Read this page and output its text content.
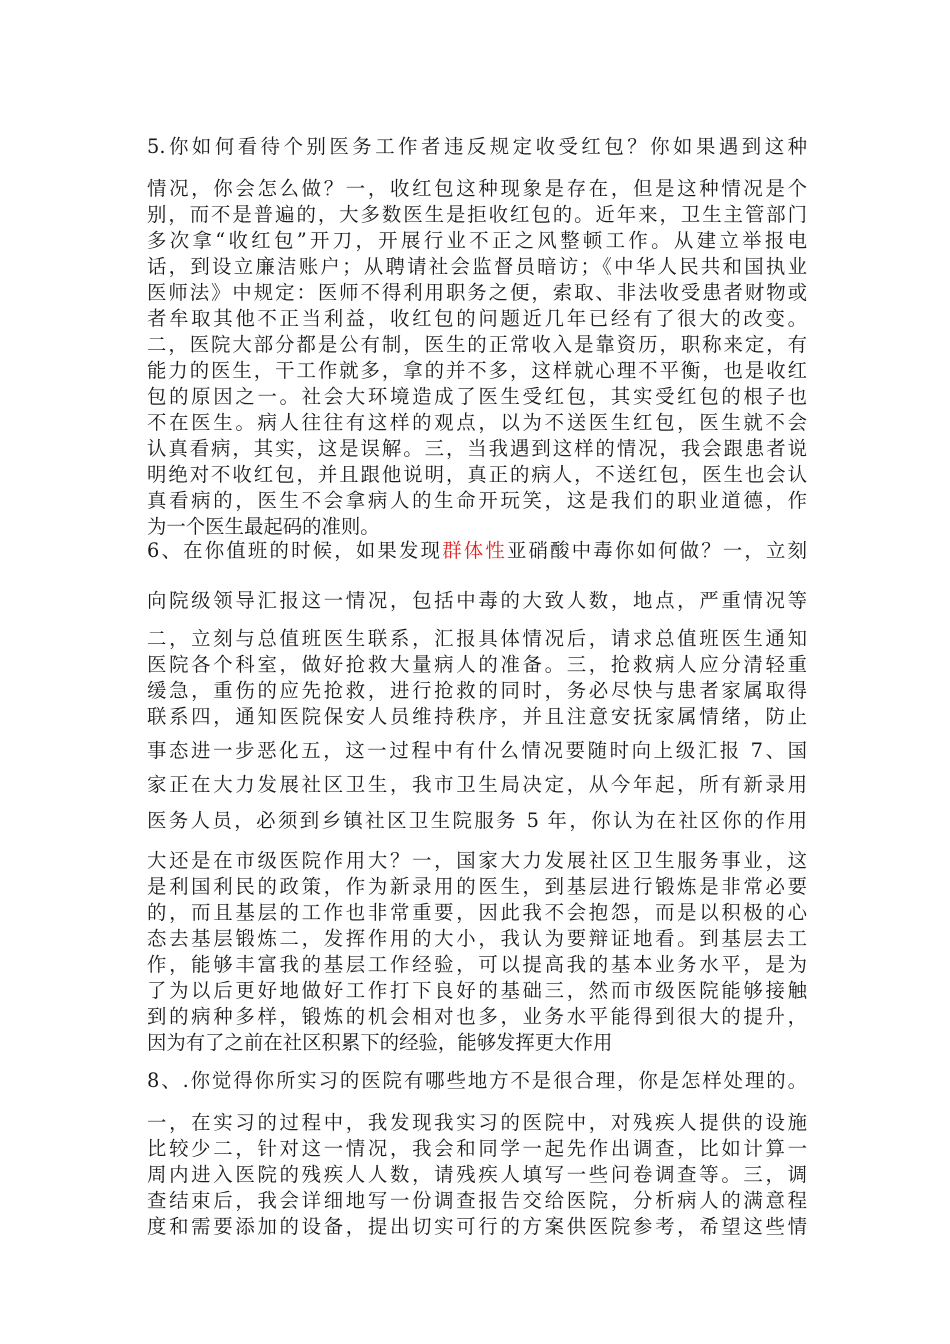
5.你如何看待个别医务工作者违反规定收受红包？你如果遇到这种
情况，你会怎么做？一，收红包这种现象是存在，但是这种情况是个
别，而不是普遍的，大多数医生是拒收红包的。近年来，卫生主管部门
多次拿“收红包”开刀，开展行业不正之风整顿工作。从建立举报电
话，到设立廉洁账户；从聘请社会监督员暗访；《中华人民共和国执业
医师法》中规定：医师不得利用职务之便，索取、非法收受患者财物或
者牟取其他不正当利益，收红包的问题近几年已经有了很大的改变。
二，医院大部分都是公有制，医生的正常收入是靠资历，职称来定，有
能力的医生，干工作就多，拿的并不多，这样就心理不平衡，也是收红
包的原因之一。社会大环境造成了医生受红包，其实受红包的根子也
不在医生。病人往往有这样的观点，以为不送医生红包，医生就不会
认真看病，其实，这是误解。三，当我遇到这样的情况，我会跟患者说
明绝对不收红包，并且跟他说明，真正的病人，不送红包，医生也会认
真看病的，医生不会拿病人的生命开玩笑，这是我们的职业道德，作
为一个医生最起码的准则。
6、在你值班的时候，如果发现群体性亚硝酸中毒你如何做？一，立刻
向院级领导汇报这一情况，包括中毒的大致人数，地点，严重情况等
二，立刻与总值班医生联系，汇报具体情况后，请求总值班医生通知
医院各个科室，做好抢救大量病人的准备。三，抢救病人应分清轻重
缓急，重伤的应先抢救，进行抢救的同时，务必尽快与患者家属取得
联系四，通知医院保安人员维持秩序，并且注意安抚家属情绪，防止
事态进一步恶化五，这一过程中有什么情况要随时向上级汇报 7、国
家正在大力发展社区卫生，我市卫生局决定，从今年起，所有新录用
医务人员，必须到乡镇社区卫生院服务 5 年，你认为在社区你的作用
大还是在市级医院作用大？一，国家大力发展社区卫生服务事业，这
是利国利民的政策，作为新录用的医生，到基层进行锻炼是非常必要
的，而且基层的工作也非常重要，因此我不会抱怨，而是以积极的心
态去基层锻炼二，发挥作用的大小，我认为要辩证地看。到基层去工
作，能够丰富我的基层工作经验，可以提高我的基本业务水平，是为
了为以后更好地做好工作打下良好的基础三，然而市级医院能够接触
到的病种多样，锻炼的机会相对也多，业务水平能得到很大的提升，
因为有了之前在社区积累下的经验，能够发挥更大作用
8、.你觉得你所实习的医院有哪些地方不是很合理，你是怎样处理的。
一，在实习的过程中，我发现我实习的医院中，对残疾人提供的设施
比较少二，针对这一情况，我会和同学一起先作出调查，比如计算一
周内进入医院的残疾人人数，请残疾人填写一些问卷调查等。三，调
查结束后，我会详细地写一份调查报告交给医院，分析病人的满意程
度和需要添加的设备，提出切实可行的方案供医院参考，希望这些情
